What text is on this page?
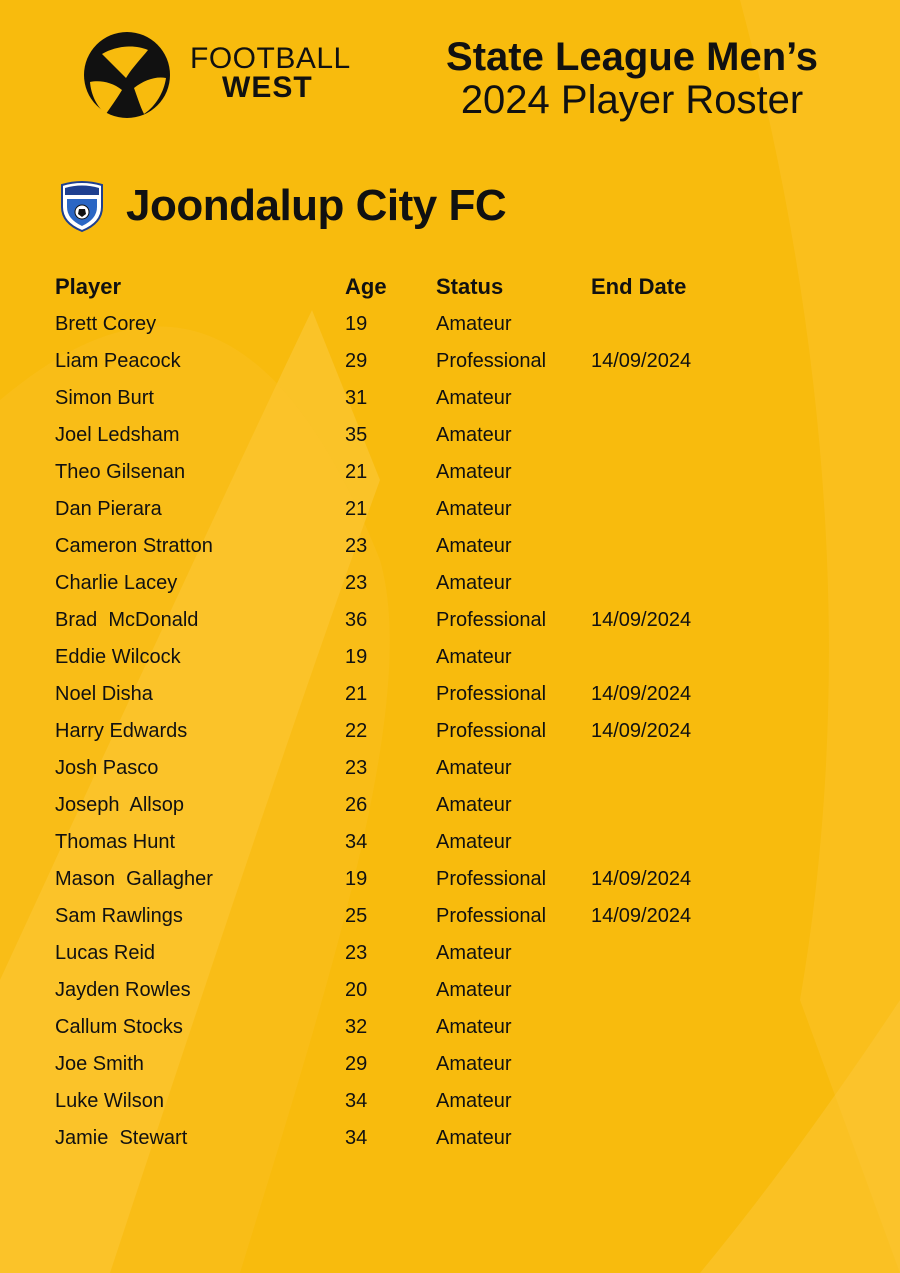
FOOTBALL
WEST
State League Men’s
2024 Player Roster
Joondalup City FC
Player	Age	Status	End Date
Brett Corey	19	Amateur
Liam Peacock	29	Professional	14/09/2024
Simon Burt	31	Amateur
Joel Ledsham	35	Amateur
Theo Gilsenan	21	Amateur
Dan Pierara	21	Amateur
Cameron Stratton	23	Amateur
Charlie Lacey	23	Amateur
Brad  McDonald	36	Professional	14/09/2024
Eddie Wilcock	19	Amateur
Noel Disha	21	Professional	14/09/2024
Harry Edwards	22	Professional	14/09/2024
Josh Pasco	23	Amateur
Joseph  Allsop	26	Amateur
Thomas Hunt	34	Amateur
Mason  Gallagher	19	Professional	14/09/2024
Sam Rawlings	25	Professional	14/09/2024
Lucas Reid	23	Amateur
Jayden Rowles	20	Amateur
Callum Stocks	32	Amateur
Joe Smith	29	Amateur
Luke Wilson	34	Amateur
Jamie  Stewart	34	Amateur
